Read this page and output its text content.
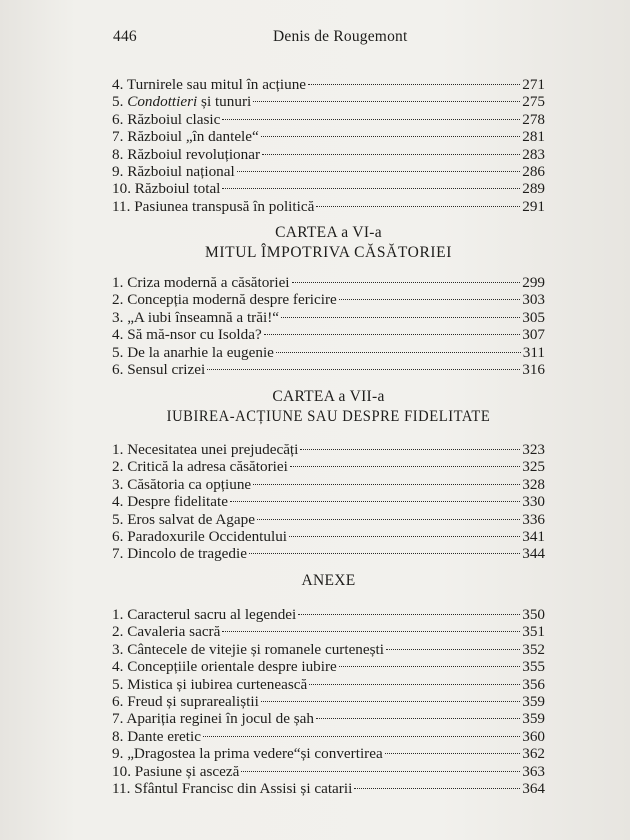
446	Denis de Rougemont
4. Turnirele sau mitul în acțiune	271
5. Condottieri și tunuri	275
6. Războiul clasic	278
7. Războiul „în dantele“	281
8. Războiul revoluționar	283
9. Războiul național	286
10. Războiul total	289
11. Pasiunea transpusă în politică	291
CARTEA a VI-a
MITUL ÎMPOTRIVA CĂSĂTORIEI
1. Criza modernă a căsătoriei	299
2. Concepția modernă despre fericire	303
3. „A iubi înseamnă a trăi!“	305
4. Să mă-nsor cu Isolda?	307
5. De la anarhie la eugenie	311
6. Sensul crizei	316
CARTEA a VII-a
IUBIREA-ACȚIUNE SAU DESPRE FIDELITATE
1. Necesitatea unei prejudecăți	323
2. Critică la adresa căsătoriei	325
3. Căsătoria ca opțiune	328
4. Despre fidelitate	330
5. Eros salvat de Agape	336
6. Paradoxurile Occidentului	341
7. Dincolo de tragedie	344
ANEXE
1. Caracterul sacru al legendei	350
2. Cavaleria sacră	351
3. Cântecele de vitejie și romanele curtenești	352
4. Concepțiile orientale despre iubire	355
5. Mistica și iubirea curtenească	356
6. Freud și suprarealiștii	359
7. Apariția reginei în jocul de șah	359
8. Dante eretic	360
9. „Dragostea la prima vedere“și convertirea	362
10. Pasiune și asceză	363
11. Sfântul Francisc din Assisi și catarii	364
